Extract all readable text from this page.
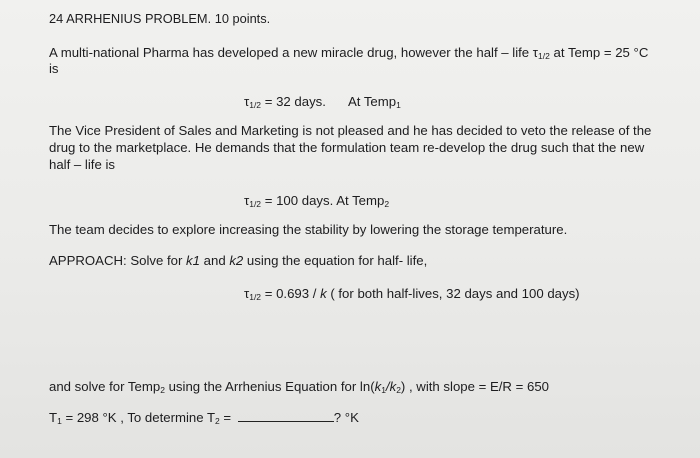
24 ARRHENIUS PROBLEM. 10 points.
A multi-national Pharma has developed a new miracle drug, however the half – life $\tau_{1/2}$ at Temp = 25 °C
is
$\tau_{1/2} = 32$ days. At Temp$_1$
The Vice President of Sales and Marketing is not pleased and he has decided to veto the release of the
drug to the marketplace. He demands that the formulation team re-develop the drug such that the new
half – life is
$\tau_{1/2} = 100$ days. At Temp$_2$
The team decides to explore increasing the stability by lowering the storage temperature.
APPROACH: Solve for k1 and k2 using the equation for half- life,
$\tau_{1/2} = 0.693 / k$ ( for both half-lives, 32 days and 100 days)
and solve for Temp$_2$ using the Arrhenius Equation for $\ln(k_1/k_2)$ , with slope = E/R = 650
$T_1 = 298$ °K , To determine $T_2$ =	? °K
